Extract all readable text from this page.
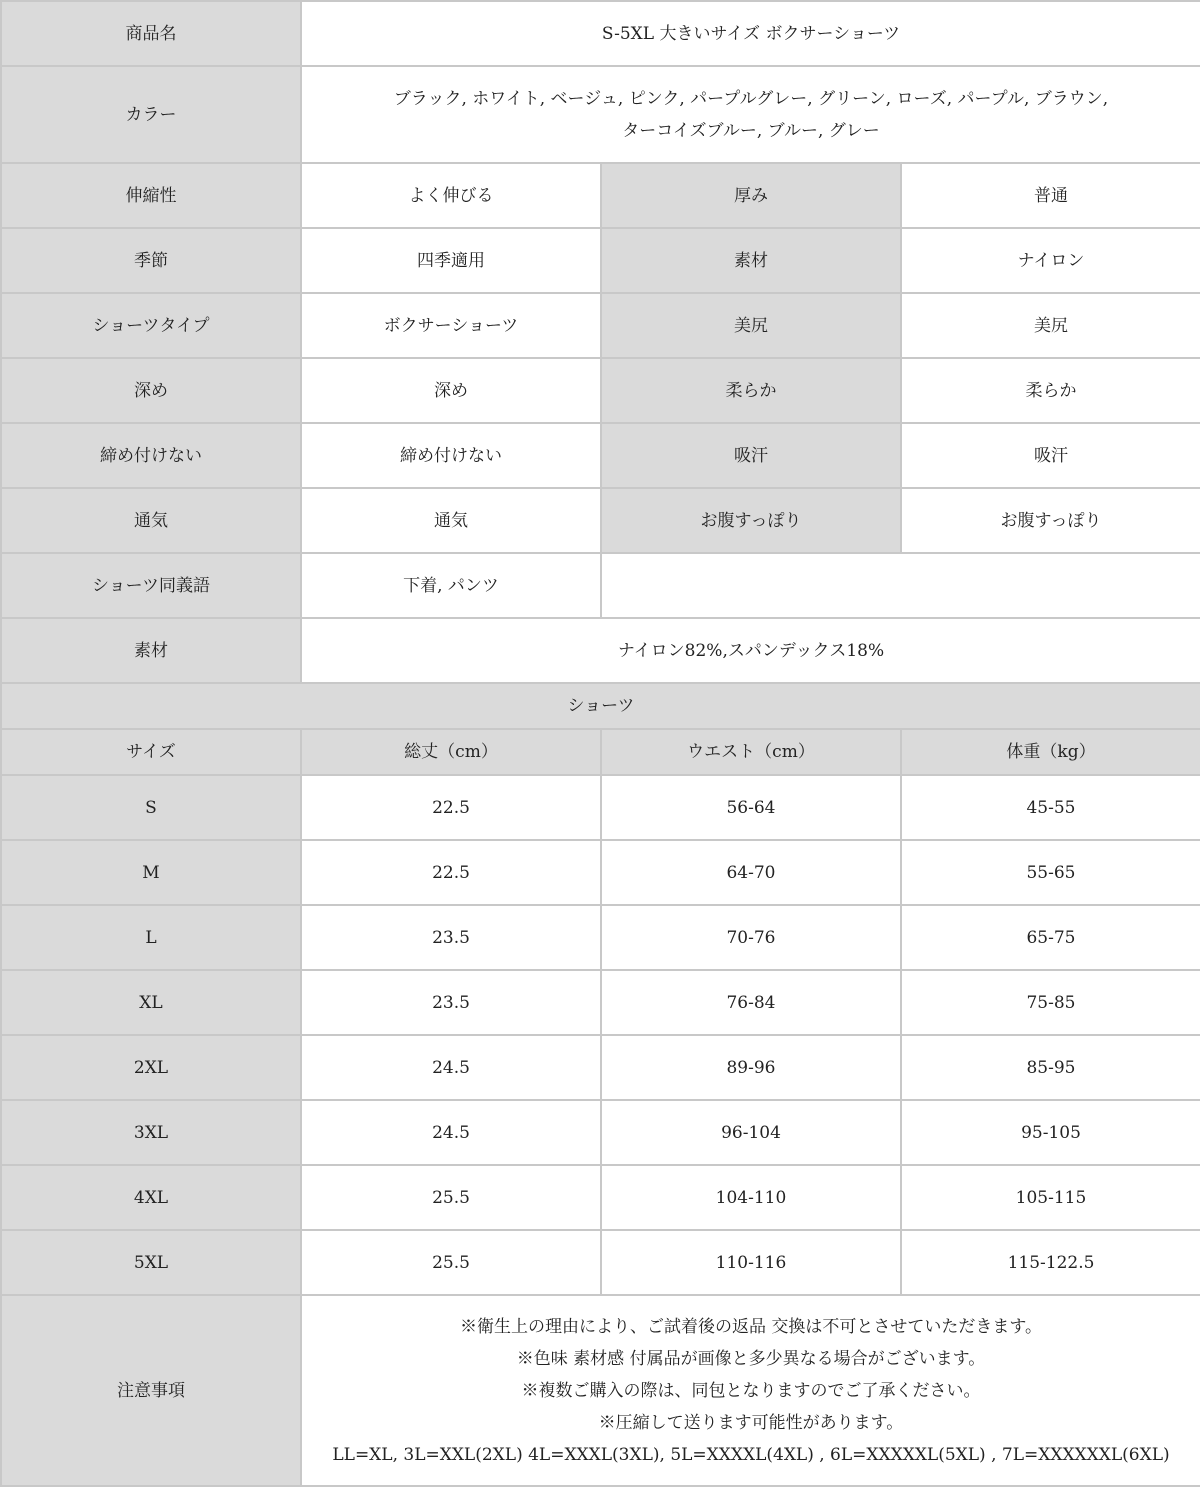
商品名	S-5XL 大きいサイズ ボクサーショーツ		
カラー	ブラック, ホワイト, ベージュ, ピンク, パープルグレー, グリーン, ローズ, パープル, ブラウン,
ターコイズブルー, ブルー, グレー		

伸縮性	よく伸びる	厚み	普通
季節	四季適用	素材	ナイロン
ショーツタイプ	ボクサーショーツ	美尻	美尻
深め	深め	柔らか	柔らか
締め付けない	締め付けない	吸汗	吸汗
通気	通気	お腹すっぽり	お腹すっぽり
ショーツ同義語	下着, パンツ		
素材	ナイロン82%,スパンデックス18%		
ショーツ			
サイズ	総丈（cm）	ウエスト（cm）	体重（kg）
S	22.5	56-64	45-55
M	22.5	64-70	55-65
L	23.5	70-76	65-75
XL	23.5	76-84	75-85
2XL	24.5	89-96	85-95
3XL	24.5	96-104	95-105
4XL	25.5	104-110	105-115
5XL	25.5	110-116	115-122.5
注意事項	※衛生上の理由により、ご試着後の返品 交換は不可とさせていただきます。
※色味 素材感 付属品が画像と多少異なる場合がございます。
※複数ご購入の際は、同包となりますのでご了承ください。
※圧縮して送ります可能性があります。
LL=XL, 3L=XXL(2XL) 4L=XXXL(3XL), 5L=XXXXL(4XL) , 6L=XXXXXL(5XL) , 7L=XXXXXXL(6XL)		
